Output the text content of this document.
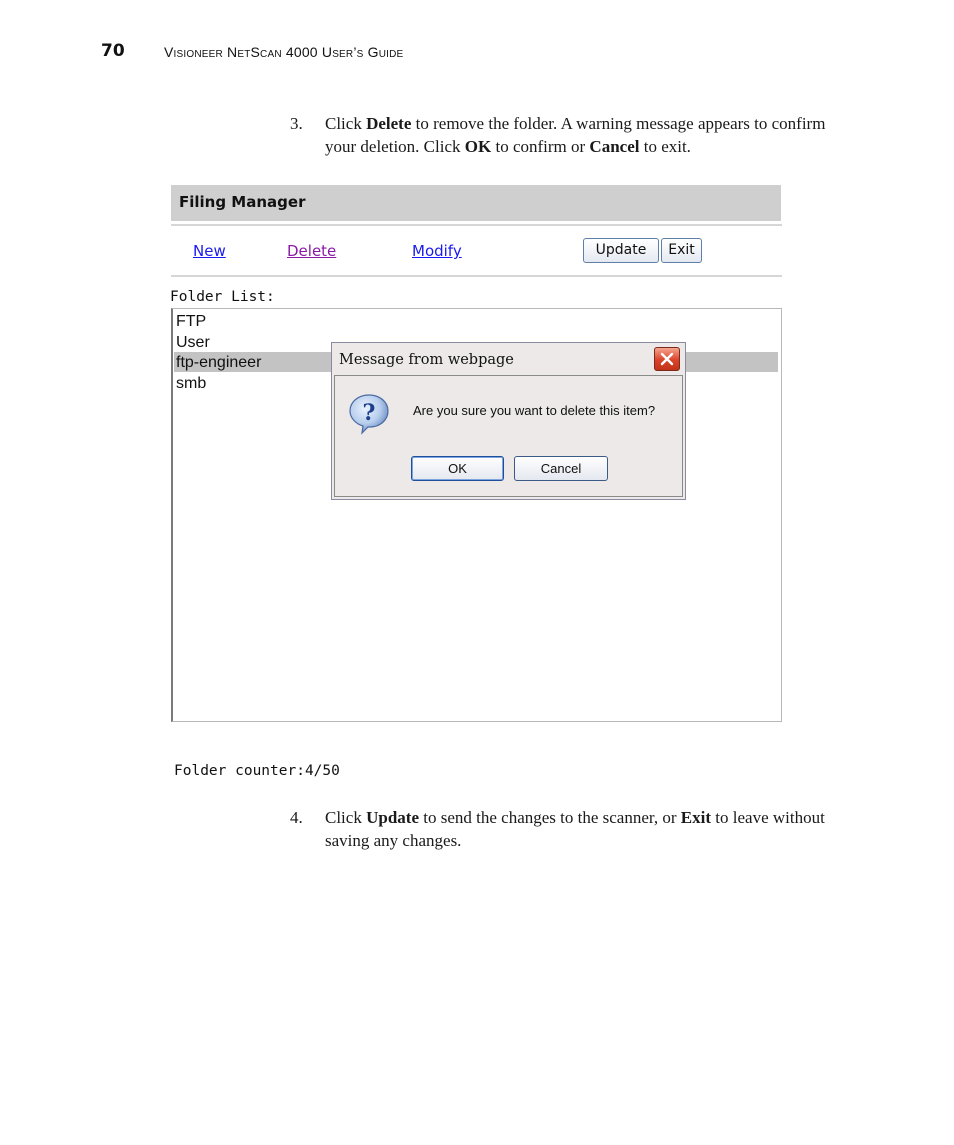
70	Visioneer NetScan 4000 User’s Guide
3. Click Delete to remove the folder. A warning message appears to confirm your deletion. Click OK to confirm or Cancel to exit.
Filing Manager
New	Delete	Modify	Update	Exit
Folder List:
FTP
User
ftp-engineer
smb
Message from webpage
?	Are you sure you want to delete this item?
OK	Cancel
Folder counter:4/50
4. Click Update to send the changes to the scanner, or Exit to leave without saving any changes.
